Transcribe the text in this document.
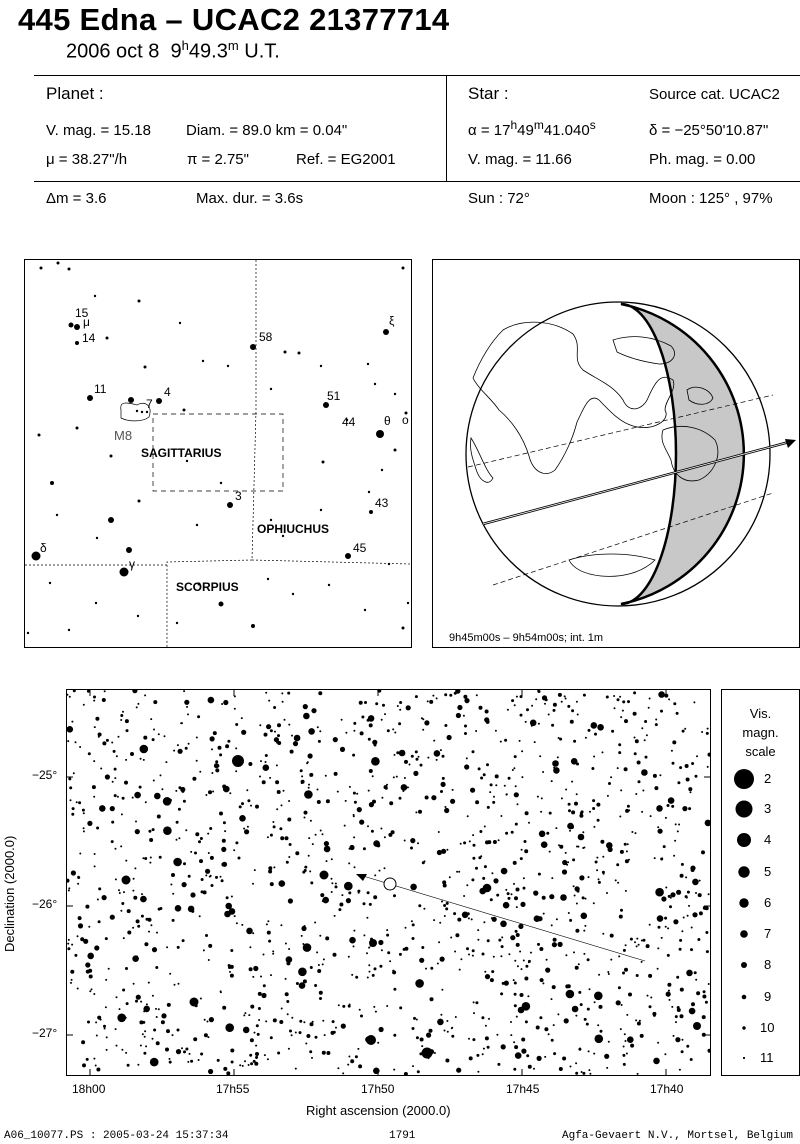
445 Edna – UCAC2 21377714
2006 oct 8 9$^h$49.3$^m$ U.T.
Planet :
V. mag. = 15.18 Diam. = 89.0 km = 0.04"
μ = 38.27"/h	π = 2.75"	Ref. = EG2001
Δm = 3.6	Max. dur. = 3.6s
Star :	Source cat. UCAC2
$\alpha = 17^h49^m41.040^s$	δ = −25°50'10.87"
V. mag. = 11.66	Ph. mag. = 0.00
Sun : 72°	Moon : 125° , 97%
15
μ
14	58
ξ
11
7
4	51
44 θ o
M8
3	43
δ
γ
45
SAGITTARIUS
OPHIUCHUS
SCORPIUS
9h45m00s – 9h54m00s; int. 1m
Declination (2000.0)
−25°
−26°
−27°
18h00	17h55	17h50	17h45	17h40
Right ascension (2000.0)
Vis.
magn.
scale
2
3
4
5
6
7
8
9
10
11
A06_10077.PS : 2005-03-24 15:37:34	1791	Agfa-Gevaert N.V., Mortsel, Belgium
